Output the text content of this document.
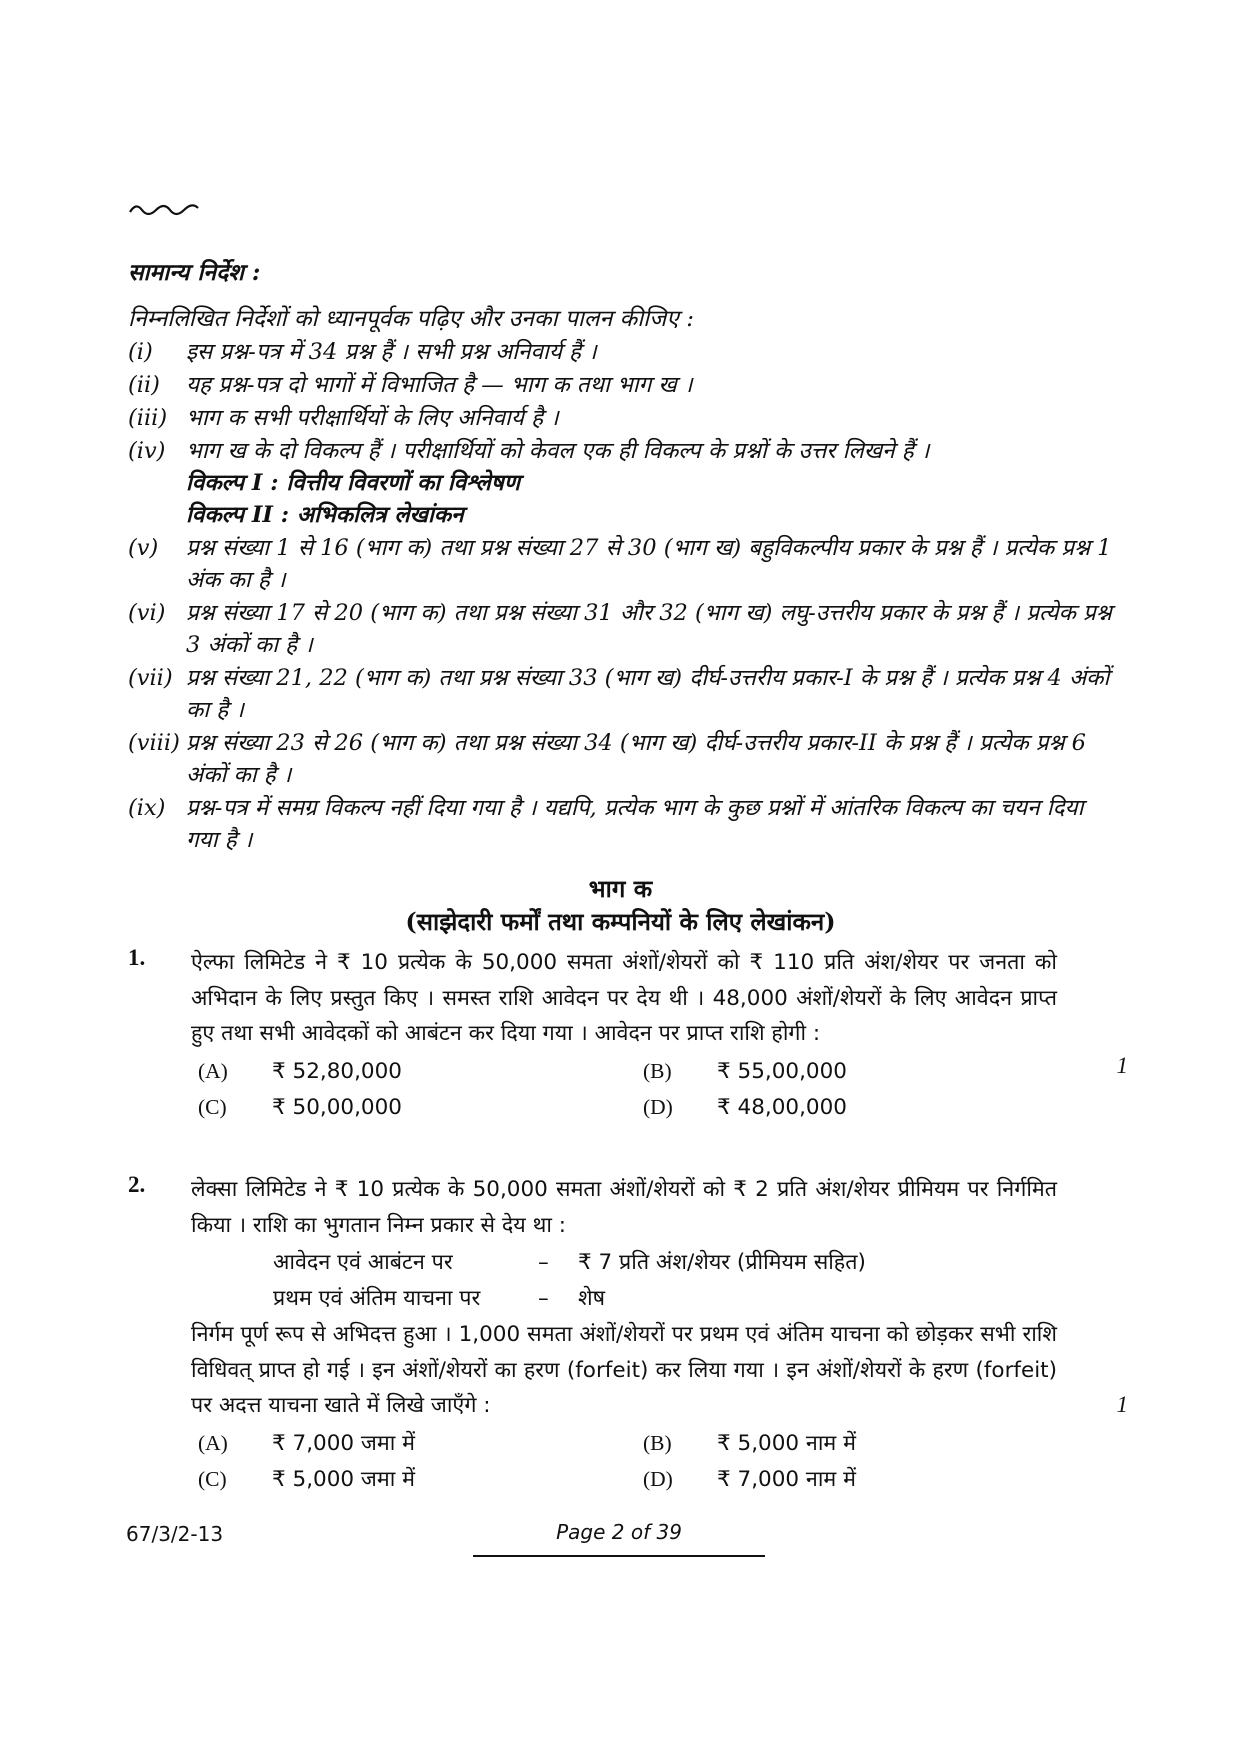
सामान्य निर्देश :
निम्नलिखित निर्देशों को ध्यानपूर्वक पढ़िए और उनका पालन कीजिए :
(i) इस प्रश्न-पत्र में 34 प्रश्न हैं । सभी प्रश्न अनिवार्य हैं ।
(ii) यह प्रश्न-पत्र दो भागों में विभाजित है — भाग क तथा भाग ख ।
(iii) भाग क सभी परीक्षार्थियों के लिए अनिवार्य है ।
(iv) भाग ख के दो विकल्प हैं । परीक्षार्थियों को केवल एक ही विकल्प के प्रश्नों के उत्तर लिखने हैं ।
विकल्प I : वित्तीय विवरणों का विश्लेषण
विकल्प II : अभिकलित्र लेखांकन
(v) प्रश्न संख्या 1 से 16 (भाग क) तथा प्रश्न संख्या 27 से 30 (भाग ख) बहुविकल्पीय प्रकार के प्रश्न हैं । प्रत्येक प्रश्न 1 अंक का है ।
(vi) प्रश्न संख्या 17 से 20 (भाग क) तथा प्रश्न संख्या 31 और 32 (भाग ख) लघु-उत्तरीय प्रकार के प्रश्न हैं । प्रत्येक प्रश्न 3 अंकों का है ।
(vii) प्रश्न संख्या 21, 22 (भाग क) तथा प्रश्न संख्या 33 (भाग ख) दीर्घ-उत्तरीय प्रकार-I के प्रश्न हैं । प्रत्येक प्रश्न 4 अंकों का है ।
(viii) प्रश्न संख्या 23 से 26 (भाग क) तथा प्रश्न संख्या 34 (भाग ख) दीर्घ-उत्तरीय प्रकार-II के प्रश्न हैं । प्रत्येक प्रश्न 6 अंकों का है ।
(ix) प्रश्न-पत्र में समग्र विकल्प नहीं दिया गया है । यद्यपि, प्रत्येक भाग के कुछ प्रश्नों में आंतरिक विकल्प का चयन दिया गया है ।
भाग क
(साझेदारी फर्मों तथा कम्पनियों के लिए लेखांकन)
1. ऐल्फा लिमिटेड ने ₹ 10 प्रत्येक के 50,000 समता अंशों/शेयरों को ₹ 110 प्रति अंश/शेयर पर जनता को अभिदान के लिए प्रस्तुत किए । समस्त राशि आवेदन पर देय थी । 48,000 अंशों/शेयरों के लिए आवेदन प्राप्त हुए तथा सभी आवेदकों को आबंटन कर दिया गया । आवेदन पर प्राप्त राशि होगी :
1
(A) ₹ 52,80,000	(B) ₹ 55,00,000
(C) ₹ 50,00,000	(D) ₹ 48,00,000
2. लेक्सा लिमिटेड ने ₹ 10 प्रत्येक के 50,000 समता अंशों/शेयरों को ₹ 2 प्रति अंश/शेयर प्रीमियम पर निर्गमित किया । राशि का भुगतान निम्न प्रकार से देय था :
आवेदन एवं आबंटन पर	– ₹ 7 प्रति अंश/शेयर (प्रीमियम सहित)
प्रथम एवं अंतिम याचना पर	– शेष
निर्गम पूर्ण रूप से अभिदत्त हुआ । 1,000 समता अंशों/शेयरों पर प्रथम एवं अंतिम याचना को छोड़कर सभी राशि विधिवत् प्राप्त हो गई । इन अंशों/शेयरों का हरण (forfeit) कर लिया गया । इन अंशों/शेयरों के हरण (forfeit) पर अदत्त याचना खाते में लिखे जाएँगे :	1
(A) ₹ 7,000 जमा में	(B) ₹ 5,000 नाम में
(C) ₹ 5,000 जमा में	(D) ₹ 7,000 नाम में
67/3/2-13	Page 2 of 39
